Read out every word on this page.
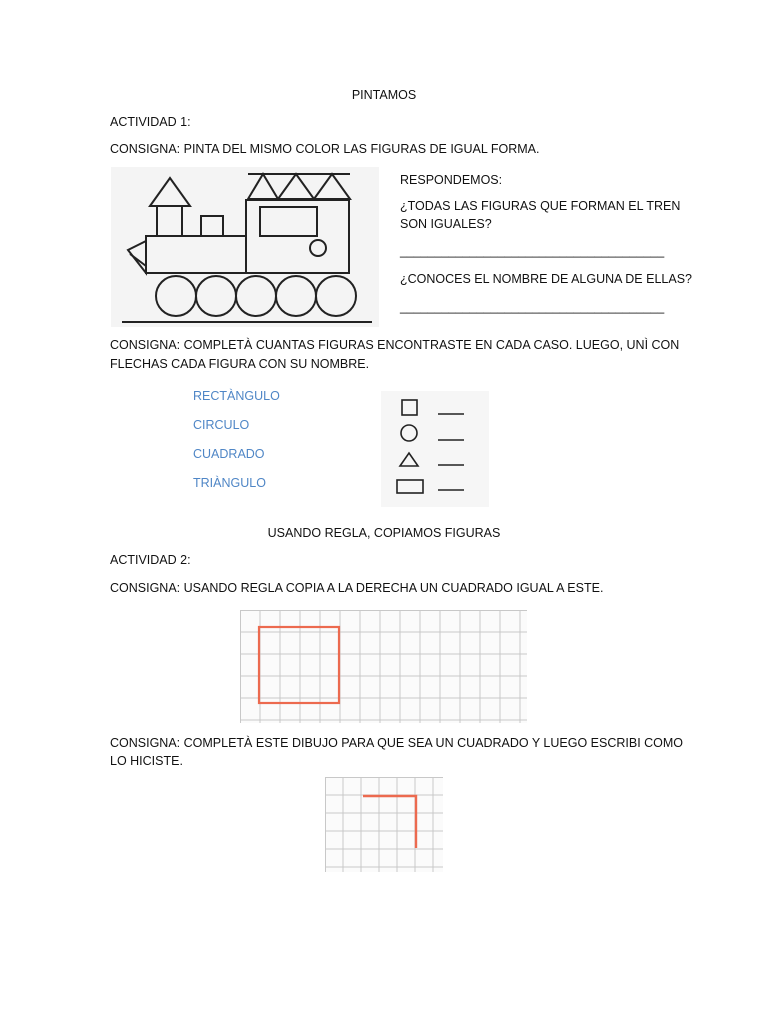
PINTAMOS
ACTIVIDAD 1:
CONSIGNA: PINTA DEL MISMO COLOR LAS FIGURAS DE IGUAL FORMA.
RESPONDEMOS:
¿TODAS LAS FIGURAS QUE FORMAN EL TREN
SON IGUALES?
______________________________________
¿CONOCES EL NOMBRE DE ALGUNA DE ELLAS?
______________________________________
CONSIGNA: COMPLETÀ CUANTAS FIGURAS ENCONTRASTE EN CADA CASO. LUEGO, UNÌ CON
FLECHAS CADA FIGURA CON SU NOMBRE.
RECTÀNGULO
CIRCULO
CUADRADO
TRIÀNGULO
USANDO REGLA, COPIAMOS FIGURAS
ACTIVIDAD 2:
CONSIGNA: USANDO REGLA COPIA A LA DERECHA UN CUADRADO IGUAL A ESTE.
CONSIGNA: COMPLETÀ ESTE DIBUJO PARA QUE SEA UN CUADRADO Y LUEGO ESCRIBI COMO
LO HICISTE.
